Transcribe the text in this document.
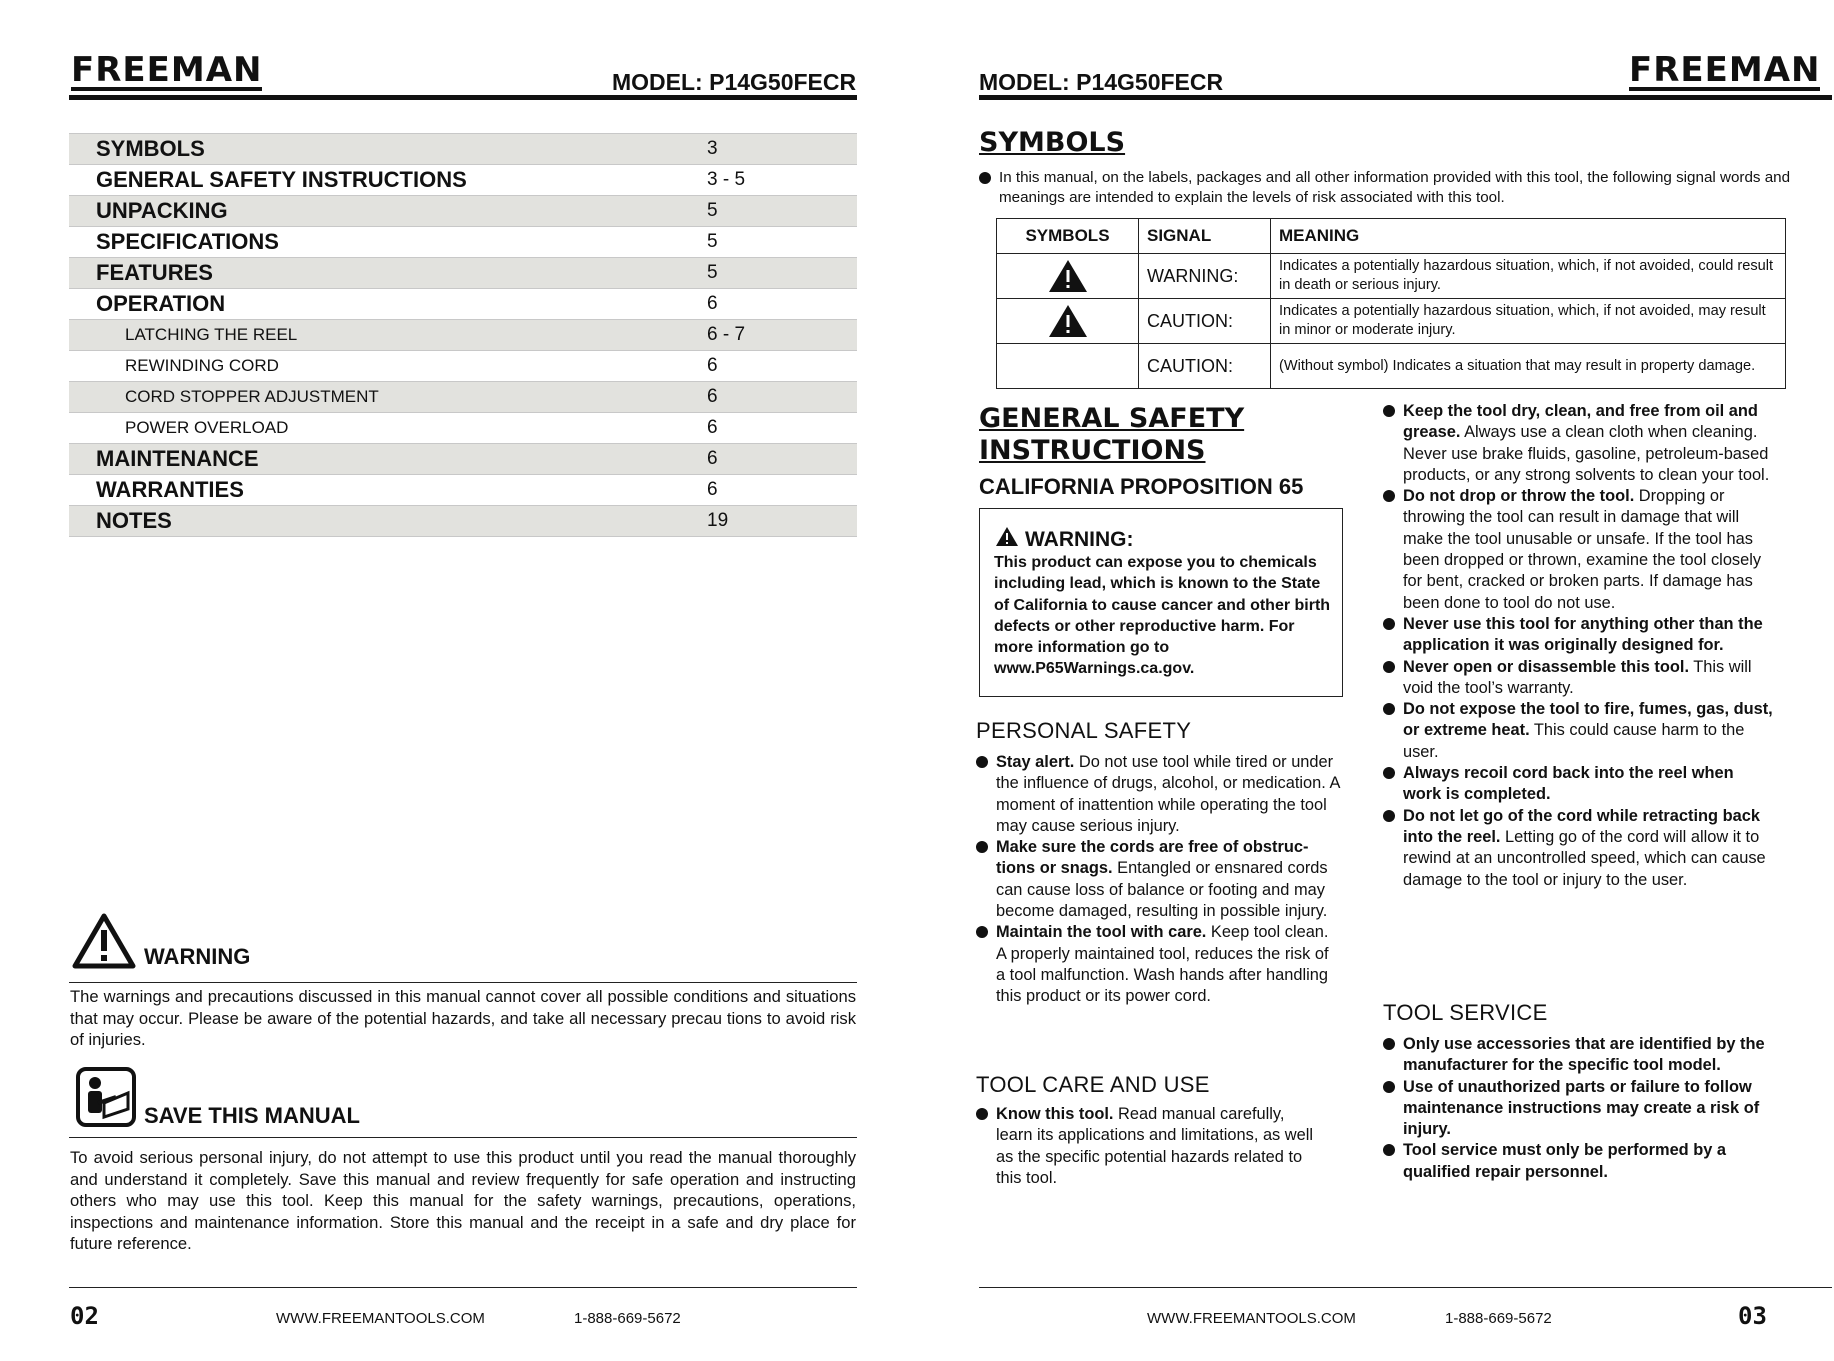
FREEMAN	MODEL: P14G50FECR
SYMBOLS	3
GENERAL SAFETY INSTRUCTIONS	3 - 5
UNPACKING	5
SPECIFICATIONS	5
FEATURES	5
OPERATION	6
LATCHING THE REEL	6 - 7
REWINDING CORD	6
CORD STOPPER ADJUSTMENT	6
POWER OVERLOAD	6
MAINTENANCE	6
WARRANTIES	6
NOTES	19
WARNING
The warnings and precautions discussed in this manual cannot cover all possible conditions and situations that may occur. Please be aware of the potential hazards, and take all necessary precau tions to avoid risk of injuries.
SAVE THIS MANUAL
To avoid serious personal injury, do not attempt to use this product until you read the manual thoroughly and understand it completely. Save this manual and review frequently for safe operation and instructing others who may use this tool. Keep this manual for the safety warnings, precautions, operations, inspections and maintenance information. Store this manual and the receipt in a safe and dry place for future reference.
02	WWW.FREEMANTOOLS.COM	1-888-669-5672
MODEL: P14G50FECR	FREEMAN
SYMBOLS
In this manual, on the labels, packages and all other information provided with this tool, the following signal words and meanings are intended to explain the levels of risk associated with this tool.
SYMBOLS	SIGNAL	MEANING

	WARNING:	Indicates a potentially hazardous situation, which, if not avoided, could result in death or serious injury.

	CAUTION:	Indicates a potentially hazardous situation, which, if not avoided, may result in minor or moderate injury.
	CAUTION:	(Without symbol) Indicates a situation that may result in property damage.
GENERAL SAFETY
INSTRUCTIONS
CALIFORNIA PROPOSITION 65
WARNING:
This product can expose you to chemicals including lead, which is known to the State of California to cause cancer and other birth defects or other reproductive harm. For more information go to www.P65Warnings.ca.gov.
PERSONAL SAFETY
Stay alert. Do not use tool while tired or under the influence of drugs, alcohol, or medication. A moment of inattention while operating the tool may cause serious injury.
Make sure the cords are free of obstruc-tions or snags. Entangled or ensnared cords can cause loss of balance or footing and may become damaged, resulting in possible injury.
Maintain the tool with care. Keep tool clean. A properly maintained tool, reduces the risk of a tool malfunction. Wash hands after handling this product or its power cord.
TOOL CARE AND USE
Know this tool. Read manual carefully, learn its applications and limitations, as well as the specific potential hazards related to this tool.
Keep the tool dry, clean, and free from oil and grease. Always use a clean cloth when cleaning. Never use brake fluids, gasoline, petroleum-based products, or any strong solvents to clean your tool.
Do not drop or throw the tool. Dropping or throwing the tool can result in damage that will make the tool unusable or unsafe. If the tool has been dropped or thrown, examine the tool closely for bent, cracked or broken parts. If damage has been done to tool do not use.
Never use this tool for anything other than the application it was originally designed for.
Never open or disassemble this tool. This will void the tool’s warranty.
Do not expose the tool to fire, fumes, gas, dust, or extreme heat. This could cause harm to the user.
Always recoil cord back into the reel when work is completed.
Do not let go of the cord while retracting back into the reel. Letting go of the cord will allow it to rewind at an uncontrolled speed, which can cause damage to the tool or injury to the user.
TOOL SERVICE
Only use accessories that are identified by the manufacturer for the specific tool model.
Use of unauthorized parts or failure to follow maintenance instructions may create a risk of injury.
Tool service must only be performed by a qualified repair personnel.
WWW.FREEMANTOOLS.COM	1-888-669-5672	03
